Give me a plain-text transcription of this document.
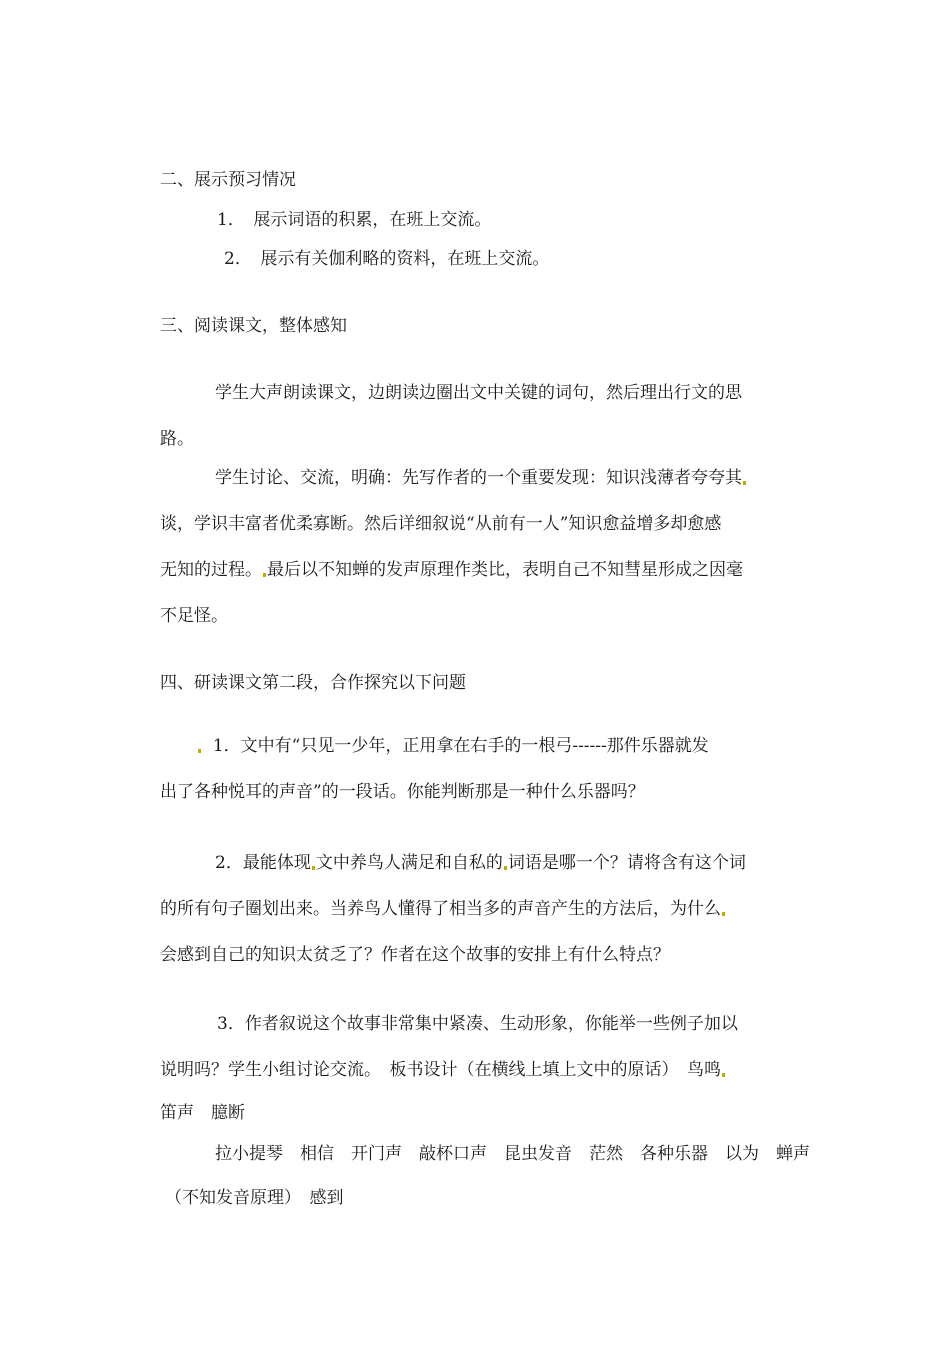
二、展示预习情况
1．　展示词语的积累，在班上交流。
2．　展示有关伽利略的资料，在班上交流。
三、阅读课文，整体感知
学生大声朗读课文，边朗读边圈出文中关键的词句，然后理出行文的思
路。
学生讨论、交流，明确：先写作者的一个重要发现：知识浅薄者夸夸其
谈，学识丰富者优柔寡断。然后详细叙说“从前有一人”知识愈益增多却愈感
无知的过程。 最后以不知蝉的发声原理作类比，表明自己不知彗星形成之因毫
不足怪。
四、研读课文第二段，合作探究以下问题
1．文中有“只见一少年，正用拿在右手的一根弓------那件乐器就发
出了各种悦耳的声音”的一段话。你能判断那是一种什么乐器吗？
2．最能体现 文中养鸟人满足和自私的 词语是哪一个？请将含有这个词
的所有句子圈划出来。当养鸟人懂得了相当多的声音产生的方法后，为什么
会感到自己的知识太贫乏了？作者在这个故事的安排上有什么特点？
3．作者叙说这个故事非常集中紧凑、生动形象，你能举一些例子加以
说明吗？学生小组讨论交流。　板书设计（在横线上填上文中的原话）　鸟鸣
笛声　臆断
拉小提琴　相信　开门声　敲杯口声　昆虫发音　茫然　各种乐器　以为　蝉声
（不知发音原理）　感到
